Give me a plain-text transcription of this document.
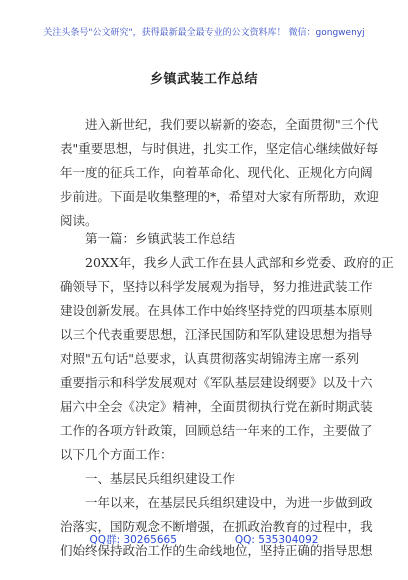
关注头条号"公文研究"，获得最新最全最专业的公文资料库！ 微信：gongwenyj
乡镇武装工作总结
进入新世纪，我们要以崭新的姿态，全面贯彻"三个代
表"重要思想，与时俱进，扎实工作，坚定信心继续做好每
年一度的征兵工作，向着革命化、现代化、正规化方向阔
步前进。下面是收集整理的*，希望对大家有所帮助，欢迎
阅读。
第一篇：乡镇武装工作总结
20XX年，我乡人武工作在县人武部和乡党委、政府的正
确领导下，坚持以科学发展观为指导，努力推进武装工作
建设创新发展。在具体工作中始终坚持党的四项基本原则
以三个代表重要思想，江泽民国防和军队建设思想为指导
对照"五句话"总要求，认真贯彻落实胡锦涛主席一系列
重要指示和科学发展观对《军队基层建设纲要》以及十六
届六中全会《决定》精神，全面贯彻执行党在新时期武装
工作的各项方针政策，回顾总结一年来的工作，主要做了
以下几个方面工作：
一、基层民兵组织建设工作
一年以来，在基层民兵组织建设中，为进一步做到政
治落实，国防观念不断增强，在抓政治教育的过程中，我
们始终保持政治工作的生命线地位，坚持正确的指导思想
QQ群: 30265665	QQ: 535304092
